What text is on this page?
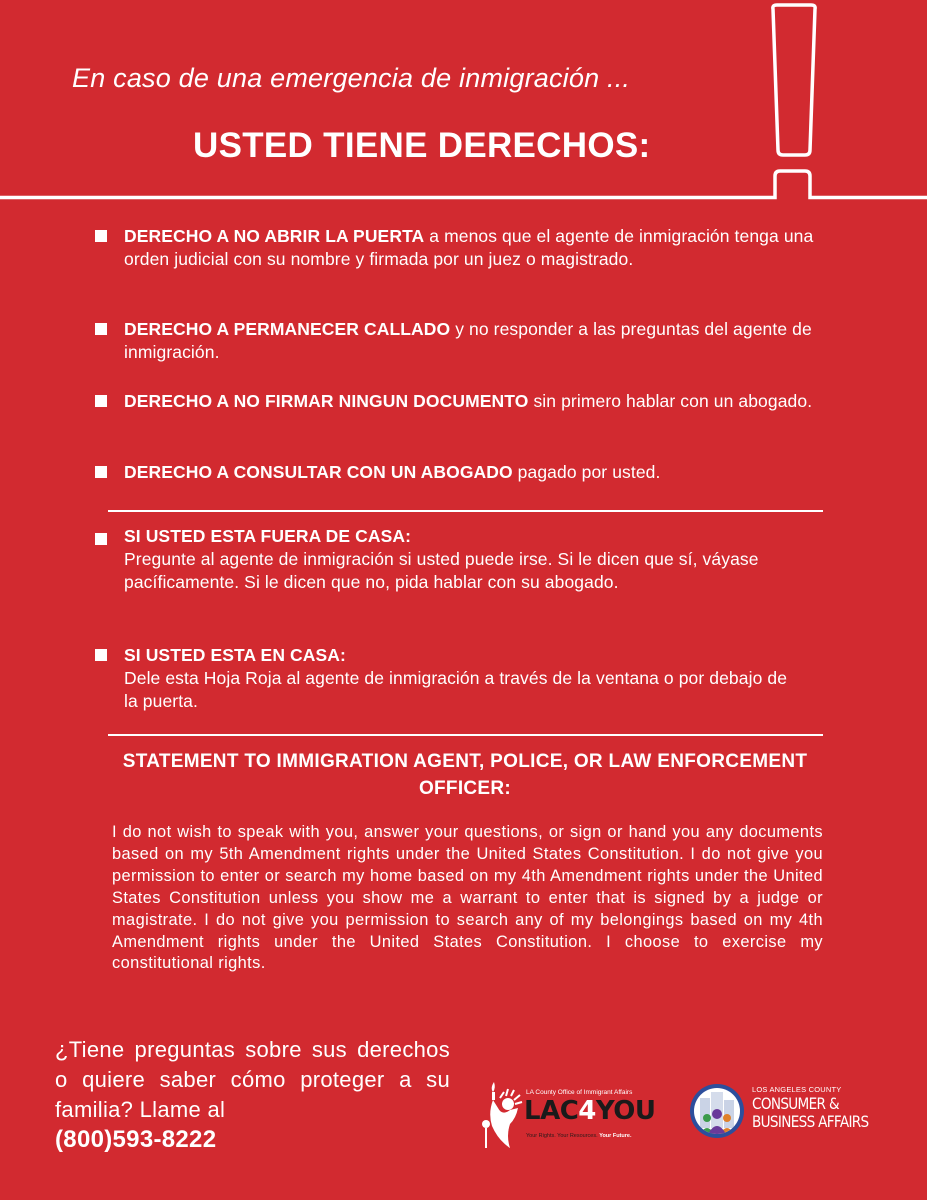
En caso de una emergencia de inmigración ...
USTED TIENE DERECHOS:
DERECHO A NO ABRIR LA PUERTA a menos que el agente de inmigración tenga una orden judicial con su nombre y firmada por un juez o magistrado.
DERECHO A PERMANECER CALLADO y no responder a las preguntas del agente de inmigración.
DERECHO A NO FIRMAR NINGUN DOCUMENTO sin primero hablar con un abogado.
DERECHO A CONSULTAR CON UN ABOGADO pagado por usted.
SI USTED ESTA FUERA DE CASA:
Pregunte al agente de inmigración si usted puede irse. Si le dicen que sí, váyase pacíficamente. Si le dicen que no, pida hablar con su abogado.
SI USTED ESTA EN CASA:
Dele esta Hoja Roja al agente de inmigración a través de la ventana o por debajo de la puerta.
STATEMENT TO IMMIGRATION AGENT, POLICE, OR LAW ENFORCEMENT OFFICER:
I do not wish to speak with you, answer your questions, or sign or hand you any documents based on my 5th Amendment rights under the United States Constitution. I do not give you permission to enter or search my home based on my 4th Amendment rights under the United States Constitution unless you show me a warrant to enter that is signed by a judge or magistrate. I do not give you permission to search any of my belongings based on my 4th Amendment rights under the United States Constitution. I choose to exercise my constitutional rights.
¿Tiene preguntas sobre sus derechos o quiere saber cómo proteger a su familia? Llame al
(800)593-8222
LA County Office of Immigrant Affairs
LAC4YOU
Your Rights. Your Resources. Your Future.
LOS ANGELES COUNTY
CONSUMER &
BUSINESS AFFAIRS
